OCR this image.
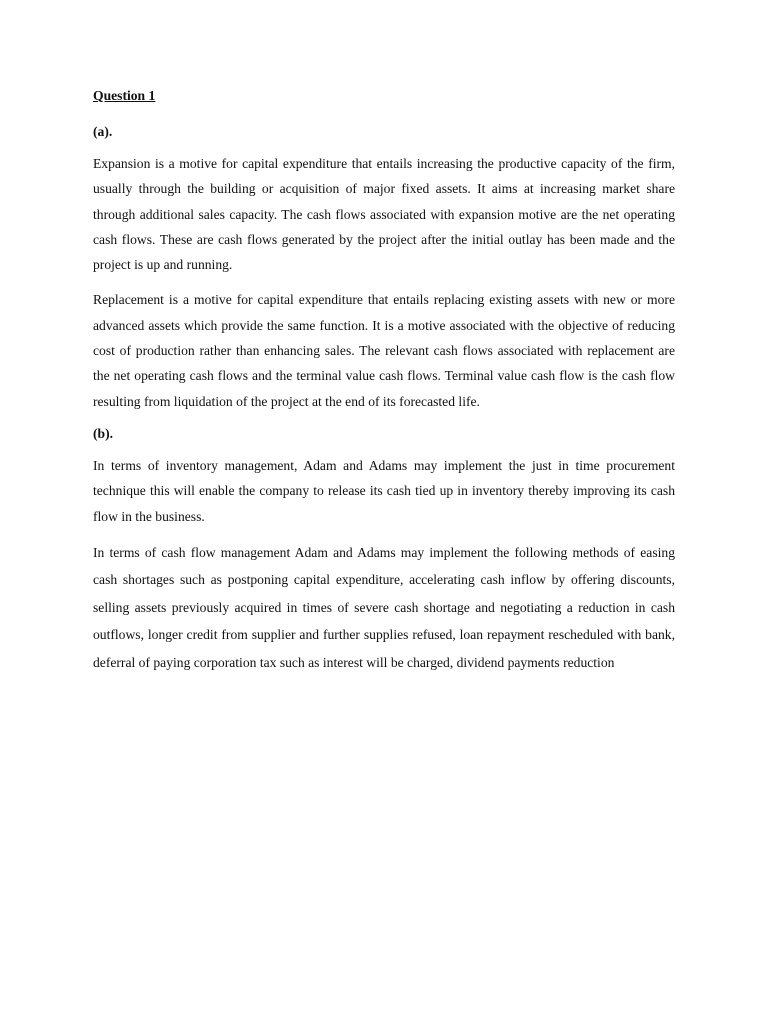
Question 1

(a).

Expansion is a motive for capital expenditure that entails increasing the productive capacity of the firm, usually through the building or acquisition of major fixed assets. It aims at increasing market share through additional sales capacity. The cash flows associated with expansion motive are the net operating cash flows. These are cash flows generated by the project after the initial outlay has been made and the project is up and running.

Replacement is a motive for capital expenditure that entails replacing existing assets with new or more advanced assets which provide the same function. It is a motive associated with the objective of reducing cost of production rather than enhancing sales. The relevant cash flows associated with replacement are the net operating cash flows and the terminal value cash flows. Terminal value cash flow is the cash flow resulting from liquidation of the project at the end of its forecasted life.

(b).

In terms of inventory management, Adam and Adams may implement the just in time procurement technique this will enable the company to release its cash tied up in inventory thereby improving its cash flow in the business.

In terms of cash flow management Adam and Adams may implement the following methods of easing cash shortages such as postponing capital expenditure, accelerating cash inflow by offering discounts, selling assets previously acquired in times of severe cash shortage and negotiating a reduction in cash outflows, longer credit from supplier and further supplies refused, loan repayment rescheduled with bank, deferral of paying corporation tax such as interest will be charged, dividend payments reduction
